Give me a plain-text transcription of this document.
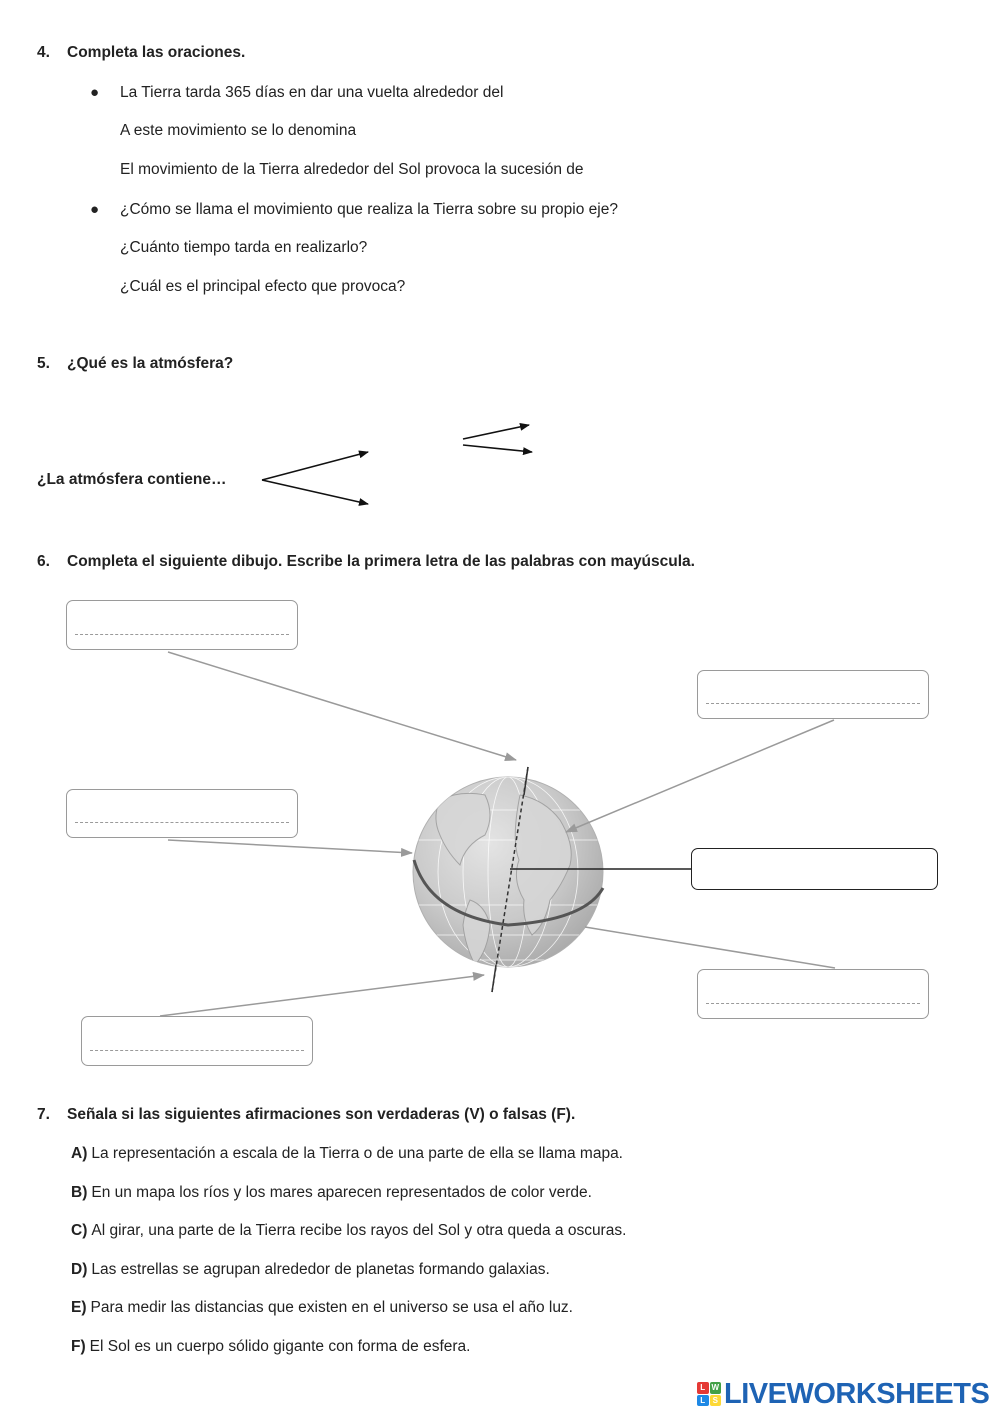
4. Completa las oraciones.
● La Tierra tarda 365 días en dar una vuelta alrededor del
A este movimiento se lo denomina
El movimiento de la Tierra alrededor del Sol provoca la sucesión de
● ¿Cómo se llama el movimiento que realiza la Tierra sobre su propio eje?
¿Cuánto tiempo tarda en realizarlo?
¿Cuál es el principal efecto que provoca?
5. ¿Qué es la atmósfera?
¿La atmósfera contiene…
6. Completa el siguiente dibujo. Escribe la primera letra de las palabras con mayúscula.
7. Señala si las siguientes afirmaciones son verdaderas (V) o falsas (F).
A) La representación a escala de la Tierra o de una parte de ella se llama mapa.
B) En un mapa los ríos y los mares aparecen representados de color verde.
C) Al girar, una parte de la Tierra recibe los rayos del Sol y otra queda a oscuras.
D) Las estrellas se agrupan alrededor de planetas formando galaxias.
E) Para medir las distancias que existen en el universo se usa el año luz.
F) El Sol es un cuerpo sólido gigante con forma de esfera.
L W
L S LIVEWORKSHEETS
